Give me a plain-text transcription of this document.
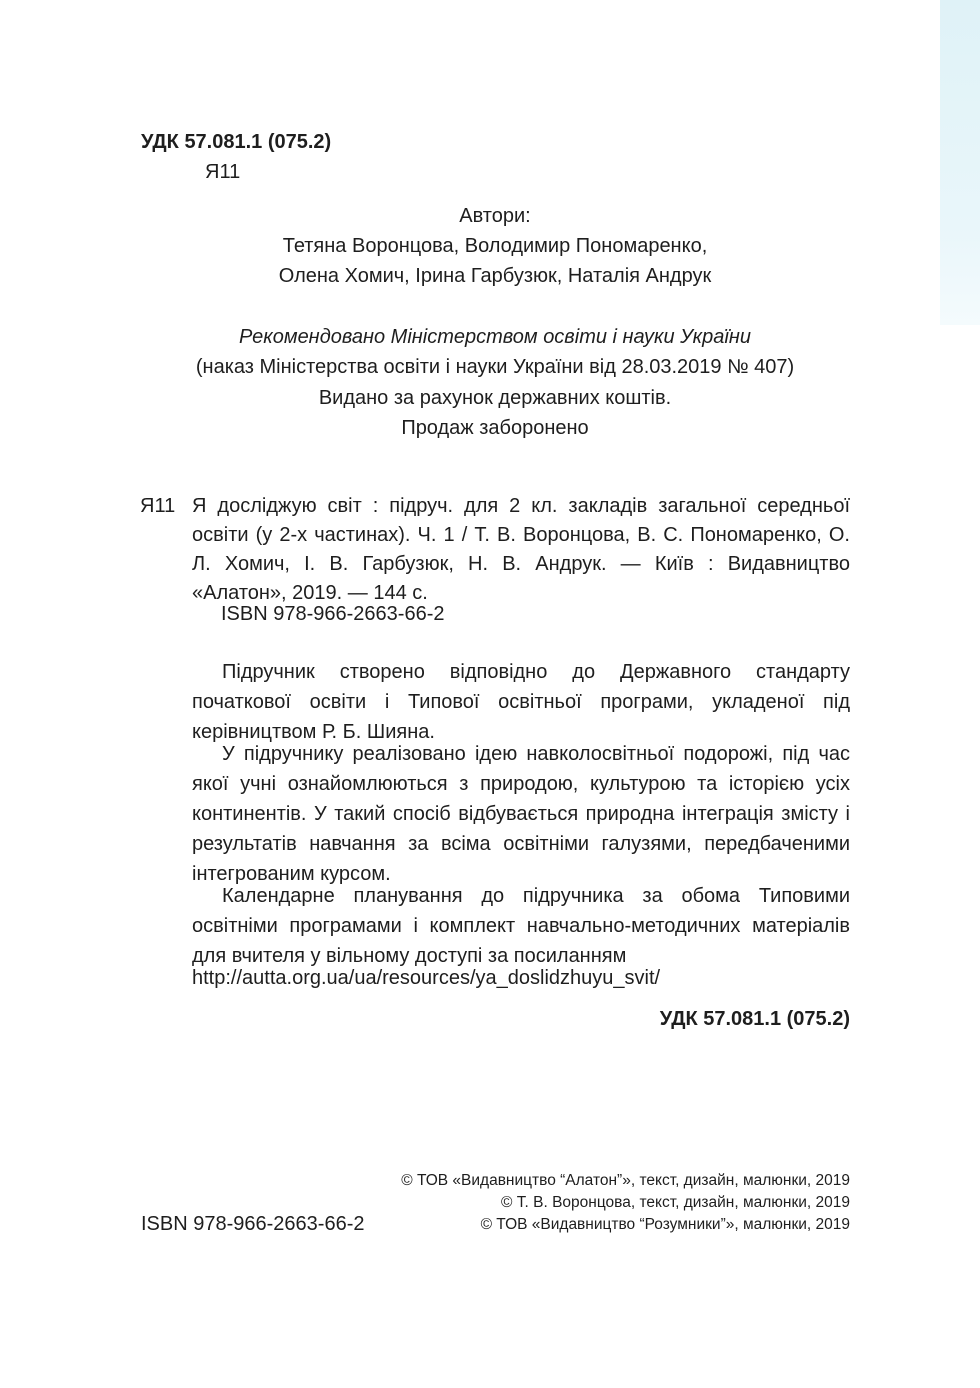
УДК 57.081.1 (075.2)
Я11
Автори:
Тетяна Воронцова, Володимир Пономаренко,
Олена Хомич, Ірина Гарбузюк, Наталія Андрук
Рекомендовано Міністерством освіти і науки України
(наказ Міністерства освіти і науки України від 28.03.2019 № 407)
Видано за рахунок державних коштів.
Продаж заборонено
Я11 Я досліджую світ : підруч. для 2 кл. закладів загальної середньої освіти (у 2-х частинах). Ч. 1 / Т. В. Воронцова, В. С. Пономаренко, О. Л. Хомич, І. В. Гарбузюк, Н. В. Андрук. — Київ : Видавництво «Алатон», 2019. — 144 с.
ISBN 978-966-2663-66-2

Підручник створено відповідно до Державного стандарту початкової освіти і Типової освітньої програми, укладеної під керівництвом Р. Б. Шияна.

У підручнику реалізовано ідею навколосвітньої подорожі, під час якої учні ознайомлюються з природою, культурою та історією усіх континентів. У такий спосіб відбувається природна інтеграція змісту і результатів навчання за всіма освітніми галузями, передбаченими інтегрованим курсом.

Календарне планування до підручника за обома Типовими освітніми програмами і комплект навчально-методичних матеріалів для вчителя у вільному доступі за посиланням

http://autta.org.ua/ua/resources/ya_doslidzhuyu_svit/
УДК 57.081.1 (075.2)
© ТОВ «Видавництво “Алатон”», текст, дизайн, малюнки, 2019
© Т. В. Воронцова, текст, дизайн, малюнки, 2019
© ТОВ «Видавництво “Розумники”», малюнки, 2019
ISBN 978-966-2663-66-2
